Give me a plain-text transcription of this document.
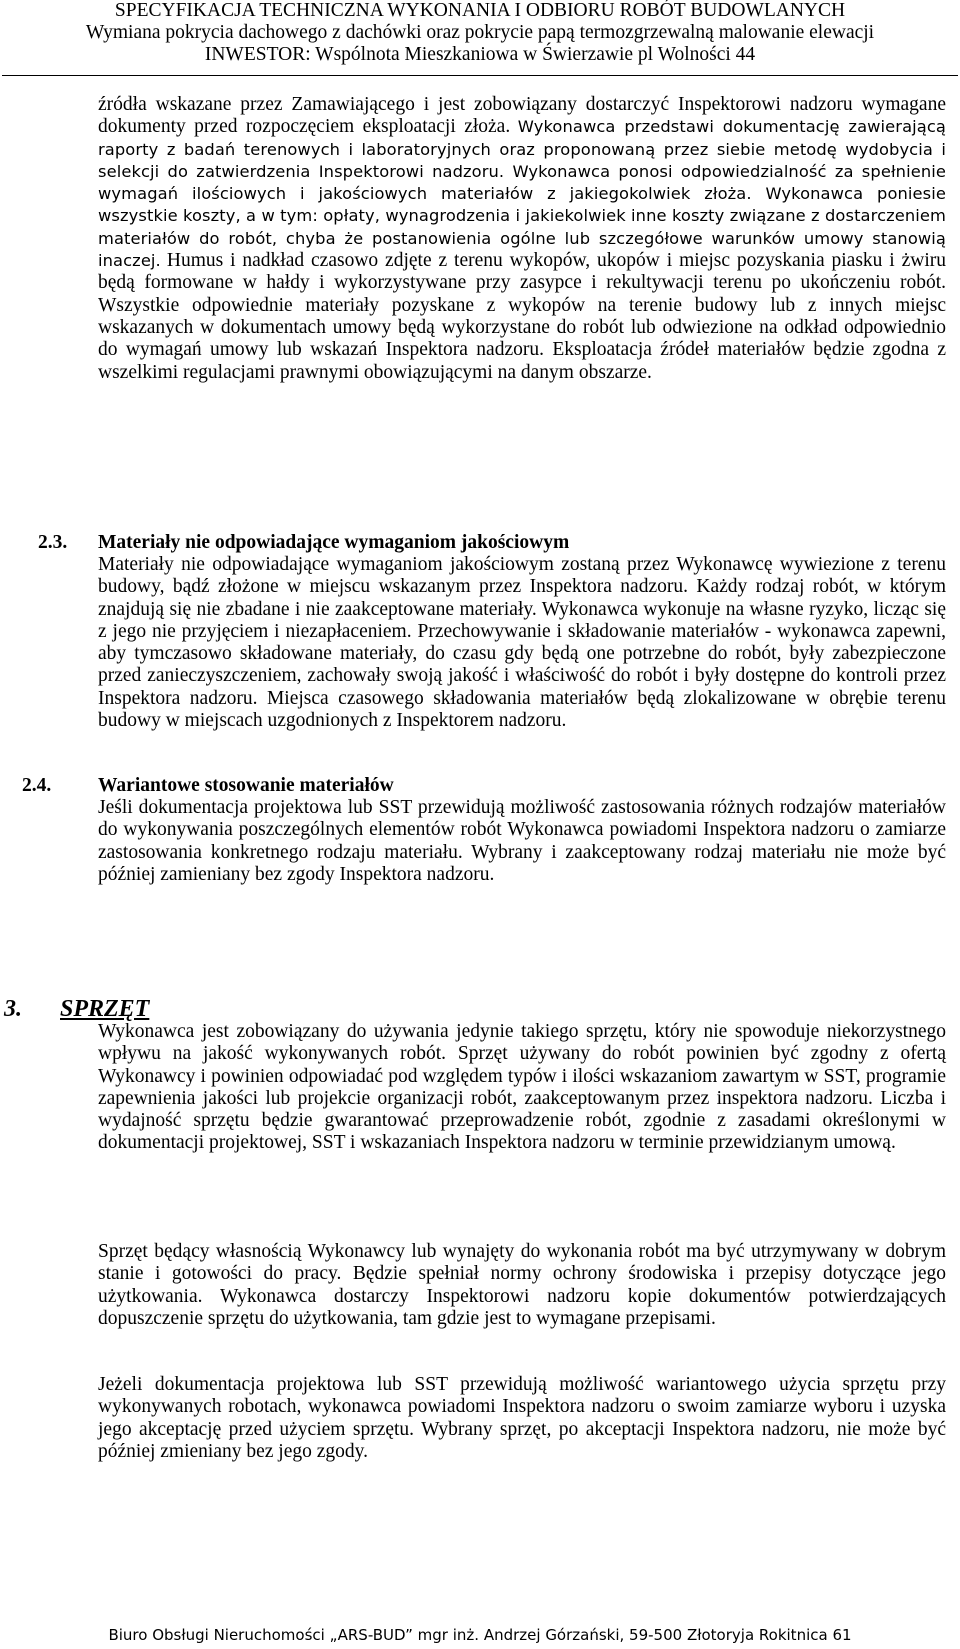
SPECYFIKACJA TECHNICZNA WYKONANIA I ODBIORU ROBÓT BUDOWLANYCH
Wymiana pokrycia dachowego z dachówki oraz pokrycie papą termozgrzewalną malowanie elewacji
INWESTOR: Wspólnota Mieszkaniowa w Świerzawie pl Wolności 44
źródła wskazane przez Zamawiającego i jest zobowiązany dostarczyć Inspektorowi nadzoru wymagane dokumenty przed rozpoczęciem eksploatacji złoża. Wykonawca przedstawi dokumentację zawierającą raporty z badań terenowych i laboratoryjnych oraz proponowaną przez siebie metodę wydobycia i selekcji do zatwierdzenia Inspektorowi nadzoru. Wykonawca ponosi odpowiedzialność za spełnienie wymagań ilościowych i jakościowych materiałów z jakiegokolwiek złoża. Wykonawca poniesie wszystkie koszty, a w tym: opłaty, wynagrodzenia i jakiekolwiek inne koszty związane z dostarczeniem materiałów do robót, chyba że postanowienia ogólne lub szczegółowe warunków umowy stanowią inaczej. Humus i nadkład czasowo zdjęte z terenu wykopów, ukopów i miejsc pozyskania piasku i żwiru będą formowane w hałdy i wykorzystywane przy zasypce i rekultywacji terenu po ukończeniu robót. Wszystkie odpowiednie materiały pozyskane z wykopów na terenie budowy lub z innych miejsc wskazanych w dokumentach umowy będą wykorzystane do robót lub odwiezione na odkład odpowiednio do wymagań umowy lub wskazań Inspektora nadzoru. Eksploatacja źródeł materiałów będzie zgodna z wszelkimi regulacjami prawnymi obowiązującymi na danym obszarze.
2.3. Materiały nie odpowiadające wymaganiom jakościowym
Materiały nie odpowiadające wymaganiom jakościowym zostaną przez Wykonawcę wywiezione z terenu budowy, bądź złożone w miejscu wskazanym przez Inspektora nadzoru. Każdy rodzaj robót, w którym znajdują się nie zbadane i nie zaakceptowane materiały. Wykonawca wykonuje na własne ryzyko, licząc się z jego nie przyjęciem i niezapłaceniem. Przechowywanie i składowanie materiałów - wykonawca zapewni, aby tymczasowo składowane materiały, do czasu gdy będą one potrzebne do robót, były zabezpieczone przed zanieczyszczeniem, zachowały swoją jakość i właściwość do robót i były dostępne do kontroli przez Inspektora nadzoru. Miejsca czasowego składowania materiałów będą zlokalizowane w obrębie terenu budowy w miejscach uzgodnionych z Inspektorem nadzoru.
2.4. Wariantowe stosowanie materiałów
Jeśli dokumentacja projektowa lub SST przewidują możliwość zastosowania różnych rodzajów materiałów do wykonywania poszczególnych elementów robót Wykonawca powiadomi Inspektora nadzoru o zamiarze zastosowania konkretnego rodzaju materiału. Wybrany i zaakceptowany rodzaj materiału nie może być później zamieniany bez zgody Inspektora nadzoru.
3. SPRZĘT
Wykonawca jest zobowiązany do używania jedynie takiego sprzętu, który nie spowoduje niekorzystnego wpływu na jakość wykonywanych robót. Sprzęt używany do robót powinien być zgodny z ofertą Wykonawcy i powinien odpowiadać pod względem typów i ilości wskazaniom zawartym w SST, programie zapewnienia jakości lub projekcie organizacji robót, zaakceptowanym przez inspektora nadzoru. Liczba i wydajność sprzętu będzie gwarantować przeprowadzenie robót, zgodnie z zasadami określonymi w dokumentacji projektowej, SST i wskazaniach Inspektora nadzoru w terminie przewidzianym umową.
Sprzęt będący własnością Wykonawcy lub wynajęty do wykonania robót ma być utrzymywany w dobrym stanie i gotowości do pracy. Będzie spełniał normy ochrony środowiska i przepisy dotyczące jego użytkowania. Wykonawca dostarczy Inspektorowi nadzoru kopie dokumentów potwierdzających dopuszczenie sprzętu do użytkowania, tam gdzie jest to wymagane przepisami.
Jeżeli dokumentacja projektowa lub SST przewidują możliwość wariantowego użycia sprzętu przy wykonywanych robotach, wykonawca powiadomi Inspektora nadzoru o swoim zamiarze wyboru i uzyska jego akceptację przed użyciem sprzętu. Wybrany sprzęt, po akceptacji Inspektora nadzoru, nie może być później zmieniany bez jego zgody.
Biuro Obsługi Nieruchomości „ARS-BUD” mgr inż. Andrzej Górzański, 59-500 Złotoryja Rokitnica 61
